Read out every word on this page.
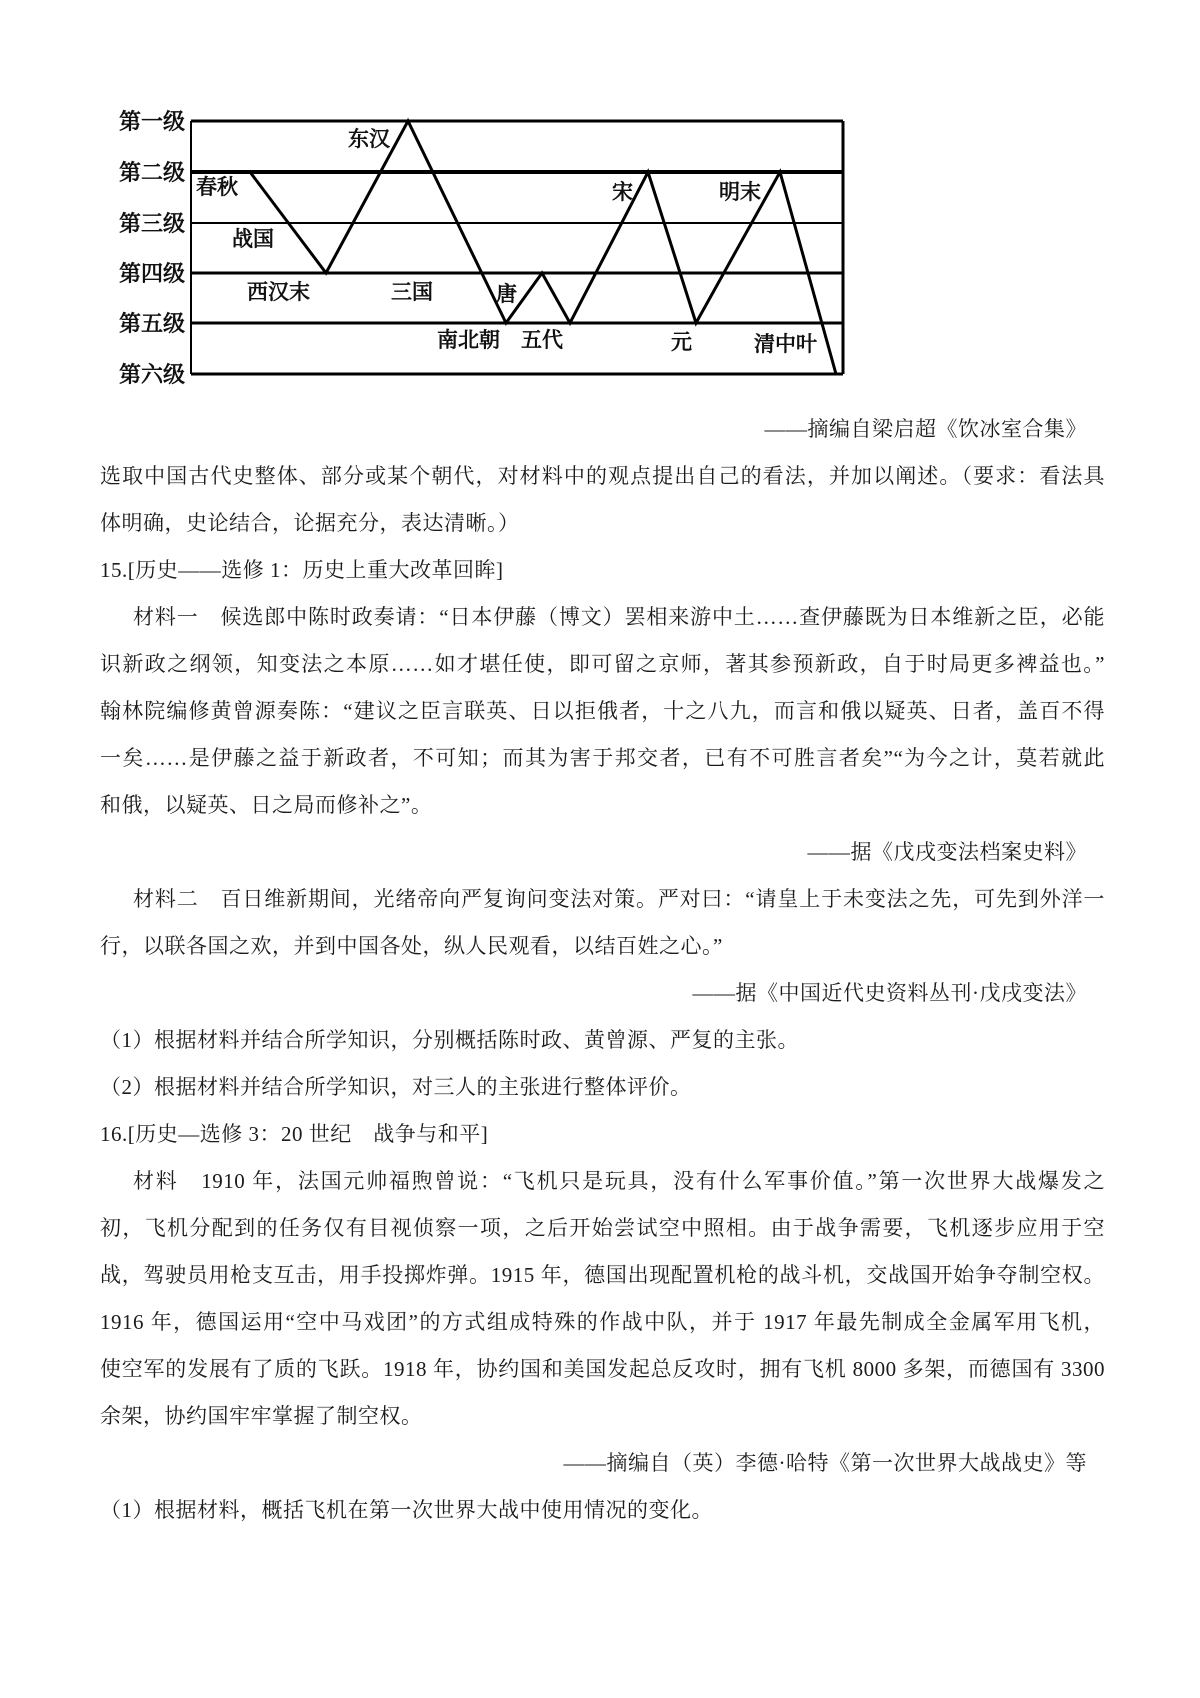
第一级
第二级
第三级
第四级
第五级
第六级
春秋
战国
西汉末
东汉
三国	唐
南北朝 五代
宋
元
明末
清中叶
——摘编自梁启超《饮冰室合集》
选取中国古代史整体、部分或某个朝代，对材料中的观点提出自己的看法，并加以阐述。（要求：看法具
体明确，史论结合，论据充分，表达清晰。）
15.[历史——选修 1：历史上重大改革回眸]
材料一　候选郎中陈时政奏请：“日本伊藤（博文）罢相来游中土……查伊藤既为日本维新之臣，必能
识新政之纲领，知变法之本原……如才堪任使，即可留之京师，著其参预新政，自于时局更多裨益也。”
翰林院编修黄曾源奏陈：“建议之臣言联英、日以拒俄者，十之八九，而言和俄以疑英、日者，盖百不得
一矣……是伊藤之益于新政者，不可知；而其为害于邦交者，已有不可胜言者矣”“为今之计，莫若就此
和俄，以疑英、日之局而修补之”。
——据《戊戌变法档案史料》
材料二　百日维新期间，光绪帝向严复询问变法对策。严对曰：“请皇上于未变法之先，可先到外洋一
行，以联各国之欢，并到中国各处，纵人民观看，以结百姓之心。”
——据《中国近代史资料丛刊·戊戌变法》
（1）根据材料并结合所学知识，分别概括陈时政、黄曾源、严复的主张。
（2）根据材料并结合所学知识，对三人的主张进行整体评价。
16.[历史—选修 3：20 世纪　战争与和平]
材料　1910 年，法国元帅福煦曾说：“飞机只是玩具，没有什么军事价值。”第一次世界大战爆发之
初，飞机分配到的任务仅有目视侦察一项，之后开始尝试空中照相。由于战争需要，飞机逐步应用于空
战，驾驶员用枪支互击，用手投掷炸弹。1915 年，德国出现配置机枪的战斗机，交战国开始争夺制空权。
1916 年，德国运用“空中马戏团”的方式组成特殊的作战中队，并于 1917 年最先制成全金属军用飞机，
使空军的发展有了质的飞跃。1918 年，协约国和美国发起总反攻时，拥有飞机 8000 多架，而德国有 3300
余架，协约国牢牢掌握了制空权。
——摘编自（英）李德·哈特《第一次世界大战战史》等
（1）根据材料，概括飞机在第一次世界大战中使用情况的变化。
